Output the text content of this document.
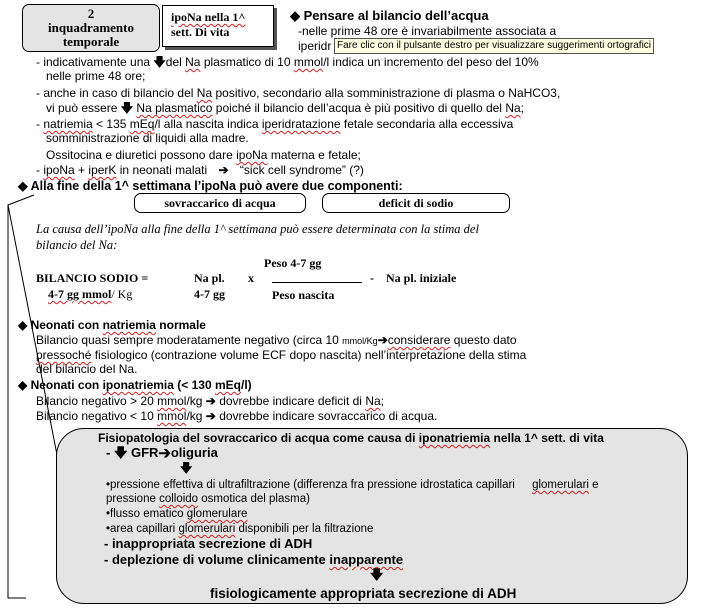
2
inquadramento
temporale
ipoNa nella 1^
sett. Di vita
◆ Pensare al bilancio dell’acqua
-nelle prime 48 ore è invariabilmente associata a
iperidr Fare clic con il pulsante destro per visualizzare suggerimenti ortografici
- indicativamente una 🡇del Na plasmatico di 10 mmol/l indica un incremento del peso del 10%
nelle prime 48 ore;
- anche in caso di bilancio del Na positivo, secondario alla somministrazione di plasma o NaHCO3,
vi può essere 🡇 Na plasmatico poiché il bilancio dell’acqua è più positivo di quello del Na;
- natriemia < 135 mEq/l alla nascita indica iperidratazione fetale secondaria alla eccessiva
somministrazione di liquidi alla madre.
Ossitocina e diuretici possono dare ipoNa materna e fetale;
- ipoNa + iperK in neonati malati ➔ “sick cell syndrome” (?)
◆ Alla fine della 1^ settimana l’ipoNa può avere due componenti:
sovraccarico di acqua	deficit di sodio
La causa dell’ipoNa alla fine della 1^ settimana può essere determinata con la stima del
bilancio del Na:
Peso 4-7 gg
BILANCIO SODIO =	Na pl. x	- Na pl. iniziale
4-7 gg mmol/ Kg	4-7 gg	Peso nascita
◆ Neonati con natriemia normale
Bilancio quasi sempre moderatamente negativo (circa 10 mmol/Kg➔considerare questo dato
pressoché fisiologico (contrazione volume ECF dopo nascita) nell’interpretazione della stima
del bilancio del Na.
◆ Neonati con iponatriemia (< 130 mEq/l)
Bilancio negativo > 20 mmol/kg ➔ dovrebbe indicare deficit di Na;
Bilancio negativo < 10 mmol/kg ➔ dovrebbe indicare sovraccarico di acqua.
Fisiopatologia del sovraccarico di acqua come causa di iponatriemia nella 1^ sett. di vita
- 🡇 GFR➔oliguria
🡇
•pressione effettiva di ultrafiltrazione (differenza fra pressione idrostatica capillari glomerulari e
pressione colloido osmotica del plasma)
•flusso ematico glomerulare
•area capillari glomerulari disponibili per la filtrazione
- inappropriata secrezione di ADH
- deplezione di volume clinicamente inapparente
🡇
fisiologicamente appropriata secrezione di ADH
